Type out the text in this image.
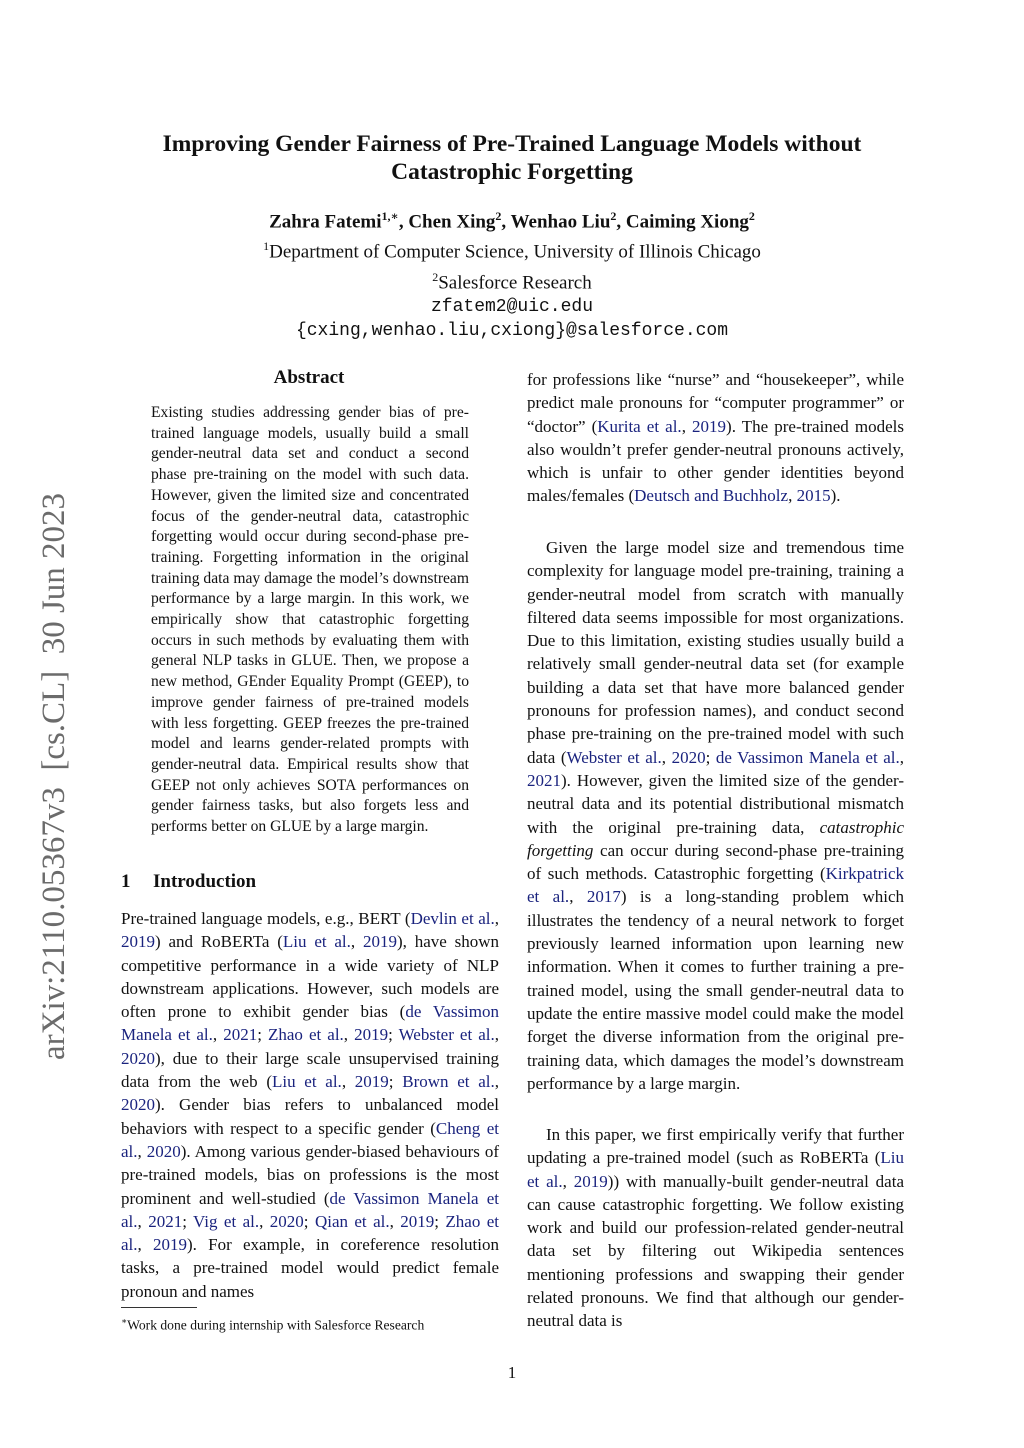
arXiv:2110.05367v3  [cs.CL]  30 Jun 2023
Improving Gender Fairness of Pre-Trained Language Models without Catastrophic Forgetting
Zahra Fatemi$^{1,∗}$, Chen Xing$^2$, Wenhao Liu$^2$, Caiming Xiong$^2$
$^1$Department of Computer Science, University of Illinois Chicago
$^2$Salesforce Research
zfatem2@uic.edu
{cxing,wenhao.liu,cxiong}@salesforce.com
Abstract

Existing studies addressing gender bias of pre-trained language models, usually build a small gender-neutral data set and conduct a second phase pre-training on the model with such data. However, given the limited size and concentrated focus of the gender-neutral data, catastrophic forgetting would occur during second-phase pre-training. Forgetting information in the original training data may damage the model’s downstream performance by a large margin. In this work, we empirically show that catastrophic forgetting occurs in such methods by evaluating them with general NLP tasks in GLUE. Then, we propose a new method, GEnder Equality Prompt (GEEP), to improve gender fairness of pre-trained models with less forgetting. GEEP freezes the pre-trained model and learns gender-related prompts with gender-neutral data. Empirical results show that GEEP not only achieves SOTA performances on gender fairness tasks, but also forgets less and performs better on GLUE by a large margin.

1 Introduction

Pre-trained language models, e.g., BERT (Devlin et al., 2019) and RoBERTa (Liu et al., 2019), have shown competitive performance in a wide variety of NLP downstream applications. However, such models are often prone to exhibit gender bias (de Vassimon Manela et al., 2021; Zhao et al., 2019; Webster et al., 2020), due to their large scale unsupervised training data from the web (Liu et al., 2019; Brown et al., 2020). Gender bias refers to unbalanced model behaviors with respect to a specific gender (Cheng et al., 2020). Among various gender-biased behaviours of pre-trained models, bias on professions is the most prominent and well-studied (de Vassimon Manela et al., 2021; Vig et al., 2020; Qian et al., 2019; Zhao et al., 2019). For example, in coreference resolution tasks, a pre-trained model would predict female pronoun and names

for professions like “nurse” and “housekeeper”, while predict male pronouns for “computer programmer” or “doctor” (Kurita et al., 2019). The pre-trained models also wouldn’t prefer gender-neutral pronouns actively, which is unfair to other gender identities beyond males/females (Deutsch and Buchholz, 2015).

Given the large model size and tremendous time complexity for language model pre-training, training a gender-neutral model from scratch with manually filtered data seems impossible for most organizations. Due to this limitation, existing studies usually build a relatively small gender-neutral data set (for example building a data set that have more balanced gender pronouns for profession names), and conduct second phase pre-training on the pre-trained model with such data (Webster et al., 2020; de Vassimon Manela et al., 2021). However, given the limited size of the gender-neutral data and its potential distributional mismatch with the original pre-training data, catastrophic forgetting can occur during second-phase pre-training of such methods. Catastrophic forgetting (Kirkpatrick et al., 2017) is a long-standing problem which illustrates the tendency of a neural network to forget previously learned information upon learning new information. When it comes to further training a pre-trained model, using the small gender-neutral data to update the entire massive model could make the model forget the diverse information from the original pre-training data, which damages the model’s downstream performance by a large margin.

In this paper, we first empirically verify that further updating a pre-trained model (such as RoBERTa (Liu et al., 2019)) with manually-built gender-neutral data can cause catastrophic forgetting. We follow existing work and build our profession-related gender-neutral data set by filtering out Wikipedia sentences mentioning professions and swapping their gender related pronouns. We find that although our gender-neutral data is

∗Work done during internship with Salesforce Research
1
